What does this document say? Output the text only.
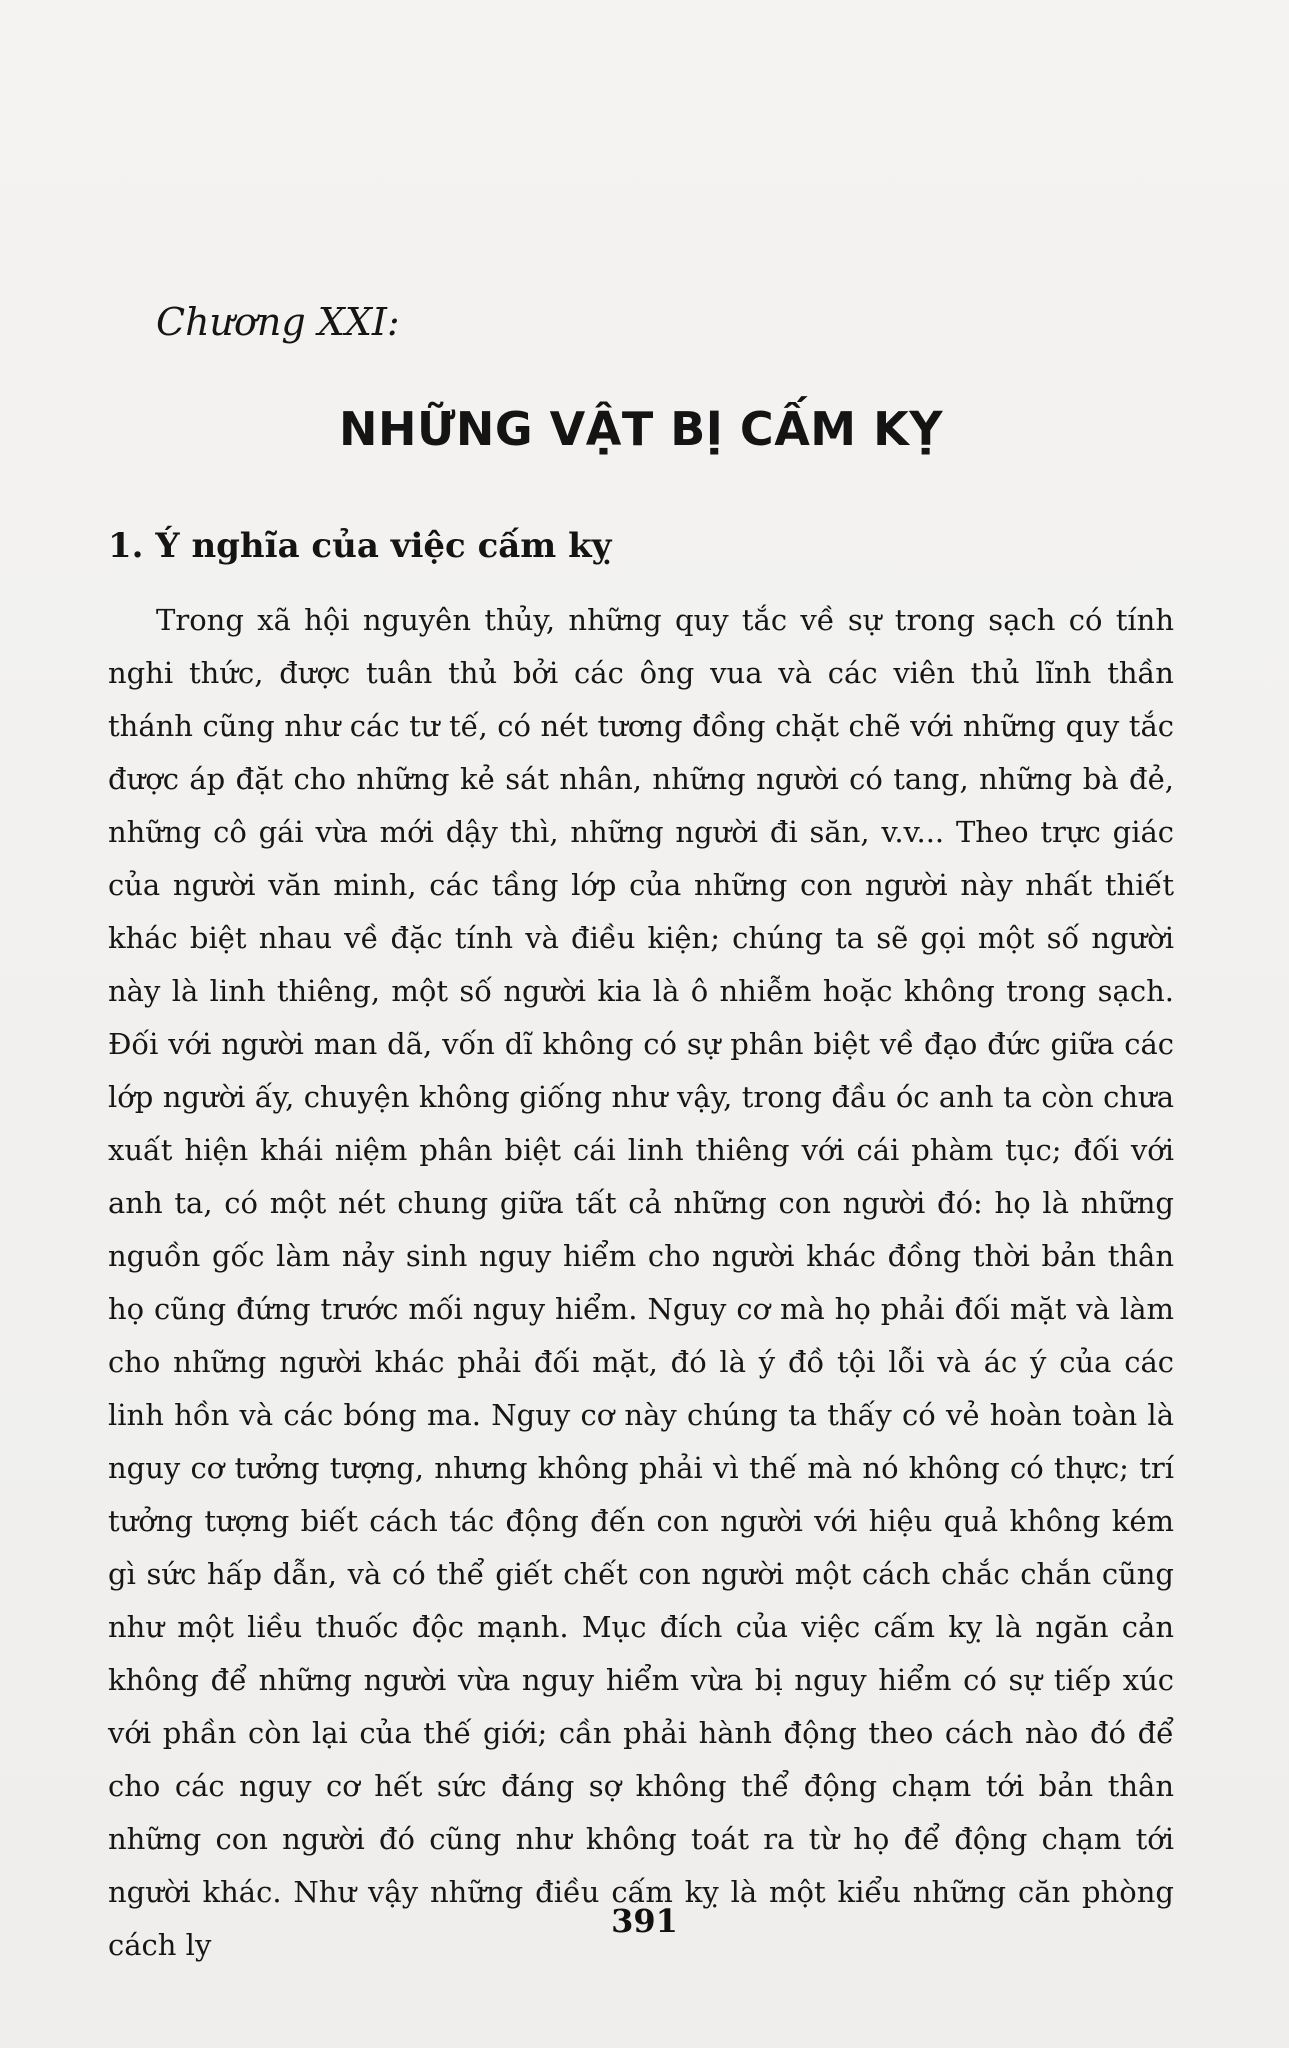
Chương XXI:
NHỮNG VẬT BỊ CẤM KỴ
1. Ý nghĩa của việc cấm kỵ

Trong xã hội nguyên thủy, những quy tắc về sự trong sạch có tính nghi thức, được tuân thủ bởi các ông vua và các viên thủ lĩnh thần thánh cũng như các tư tế, có nét tương đồng chặt chẽ với những quy tắc được áp đặt cho những kẻ sát nhân, những người có tang, những bà đẻ, những cô gái vừa mới dậy thì, những người đi săn, v.v... Theo trực giác của người văn minh, các tầng lớp của những con người này nhất thiết khác biệt nhau về đặc tính và điều kiện; chúng ta sẽ gọi một số người này là linh thiêng, một số người kia là ô nhiễm hoặc không trong sạch. Đối với người man dã, vốn dĩ không có sự phân biệt về đạo đức giữa các lớp người ấy, chuyện không giống như vậy, trong đầu óc anh ta còn chưa xuất hiện khái niệm phân biệt cái linh thiêng với cái phàm tục; đối với anh ta, có một nét chung giữa tất cả những con người đó: họ là những nguồn gốc làm nảy sinh nguy hiểm cho người khác đồng thời bản thân họ cũng đứng trước mối nguy hiểm. Nguy cơ mà họ phải đối mặt và làm cho những người khác phải đối mặt, đó là ý đồ tội lỗi và ác ý của các linh hồn và các bóng ma. Nguy cơ này chúng ta thấy có vẻ hoàn toàn là nguy cơ tưởng tượng, nhưng không phải vì thế mà nó không có thực; trí tưởng tượng biết cách tác động đến con người với hiệu quả không kém gì sức hấp dẫn, và có thể giết chết con người một cách chắc chắn cũng như một liều thuốc độc mạnh. Mục đích của việc cấm kỵ là ngăn cản không để những người vừa nguy hiểm vừa bị nguy hiểm có sự tiếp xúc với phần còn lại của thế giới; cần phải hành động theo cách nào đó để cho các nguy cơ hết sức đáng sợ không thể động chạm tới bản thân những con người đó cũng như không toát ra từ họ để động chạm tới người khác. Như vậy những điều cấm kỵ là một kiểu những căn phòng cách ly

391
